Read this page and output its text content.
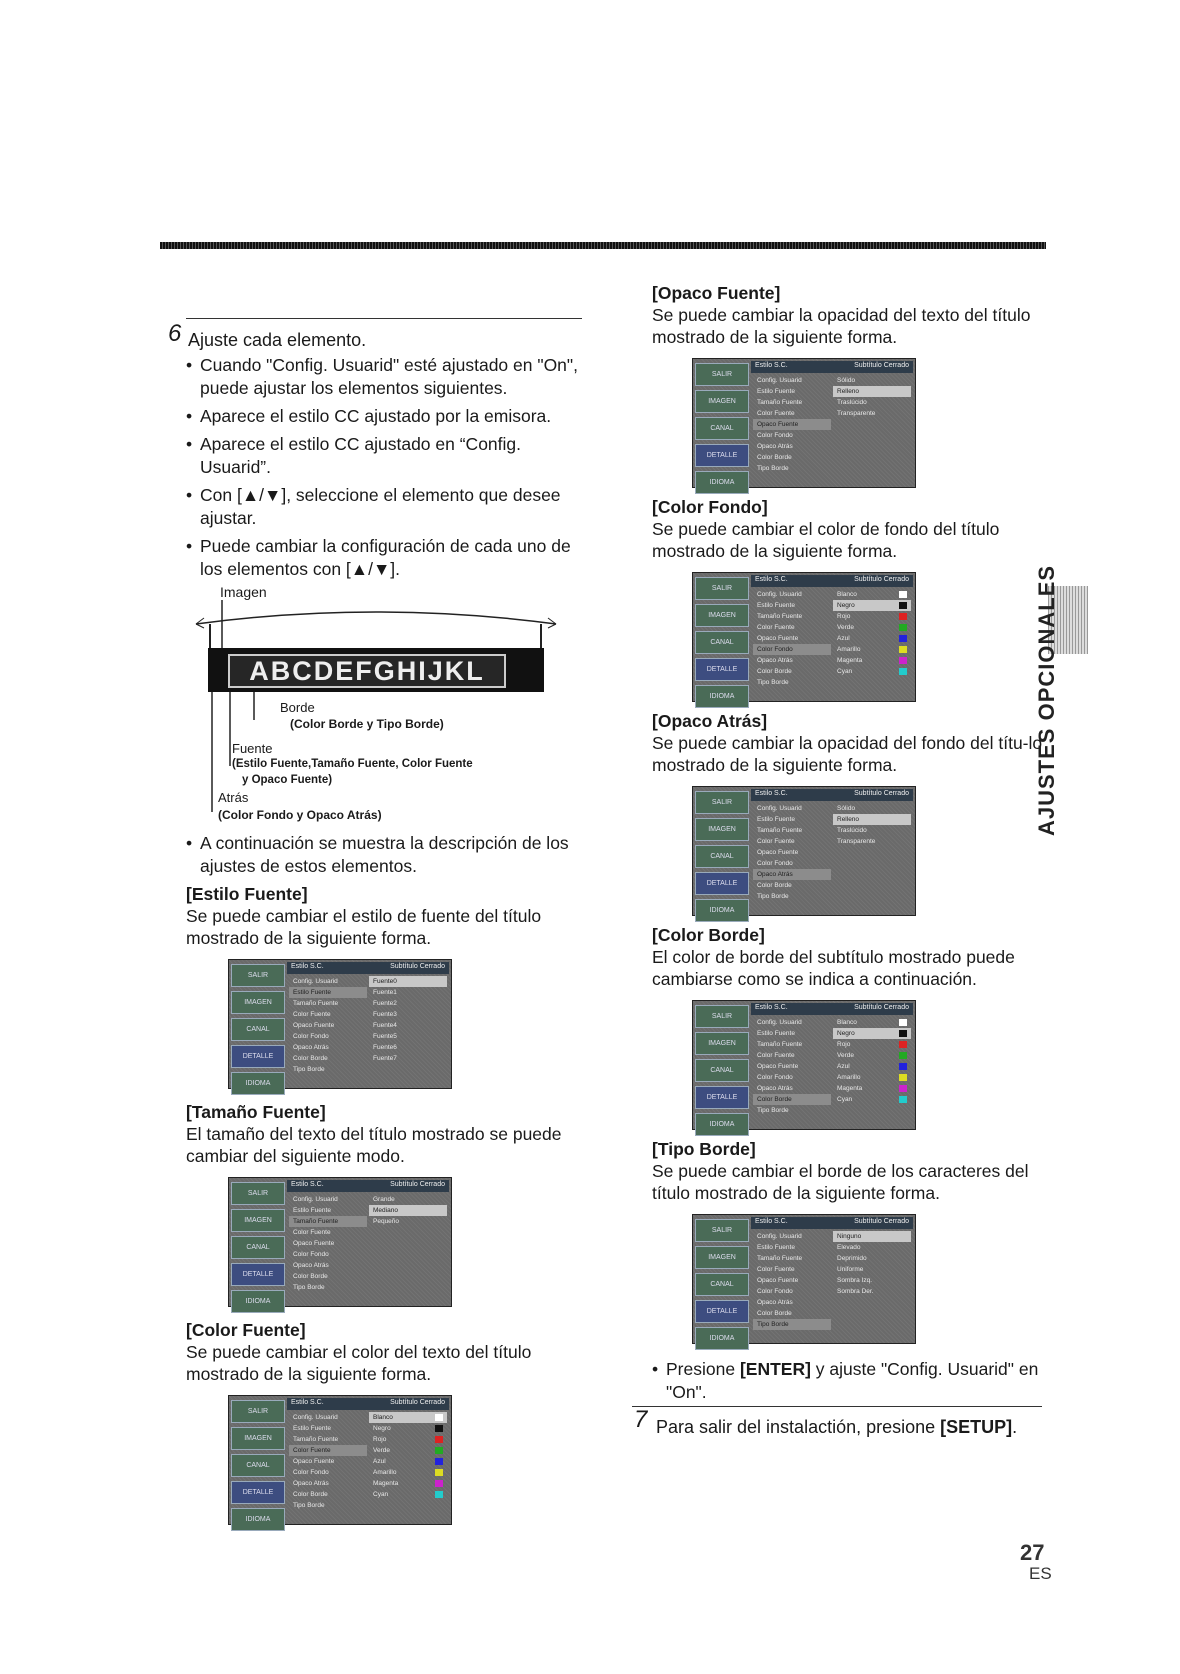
6 Ajuste cada elemento.
• Cuando "Config. Usuarid" esté ajustado en "On", puede ajustar los elementos siguientes.
• Aparece el estilo CC ajustado por la emisora.
• Aparece el estilo CC ajustado en “Config. Usuarid”.
• Con [▲/▼], seleccione el elemento que desee ajustar.
• Puede cambiar la configuración de cada uno de los elementos con [▲/▼].
Imagen
ABCDEFGHIJKL
Borde
(Color Borde y Tipo Borde)
Fuente
(Estilo Fuente,Tamaño Fuente, Color Fuente
y Opaco Fuente)
Atrás
(Color Fondo y Opaco Atrás)
• A continuación se muestra la descripción de los ajustes de estos elementos.
[Estilo Fuente]
Se puede cambiar el estilo de fuente del título mostrado de la siguiente forma.
SALIR
IMAGEN
CANAL
DETALLE
IDIOMA
Estilo S.C.	Subtítulo Cerrado
Config. Usuarid
Estilo Fuente
Tamaño Fuente
Color Fuente
Opaco Fuente
Color Fondo
Opaco Atrás
Color Borde
Tipo Borde
Fuente0
Fuente1
Fuente2
Fuente3
Fuente4
Fuente5
Fuente6
Fuente7
[Tamaño Fuente]
El tamaño del texto del título mostrado se puede cambiar del siguiente modo.
SALIR
IMAGEN
CANAL
DETALLE
IDIOMA
Estilo S.C.	Subtítulo Cerrado
Config. Usuarid
Estilo Fuente
Tamaño Fuente
Color Fuente
Opaco Fuente
Color Fondo
Opaco Atrás
Color Borde
Tipo Borde
Grande
Mediano
Pequeño
[Color Fuente]
Se puede cambiar el color del texto del título mostrado de la siguiente forma.
SALIR
IMAGEN
CANAL
DETALLE
IDIOMA
Estilo S.C.	Subtítulo Cerrado
Config. Usuarid
Estilo Fuente
Tamaño Fuente
Color Fuente
Opaco Fuente
Color Fondo
Opaco Atrás
Color Borde
Tipo Borde
Blanco
Negro
Rojo
Verde
Azul
Amarillo
Magenta
Cyan
[Opaco Fuente]
Se puede cambiar la opacidad del texto del título mostrado de la siguiente forma.
SALIR
IMAGEN
CANAL
DETALLE
IDIOMA
Estilo S.C.	Subtítulo Cerrado
Config. Usuarid
Estilo Fuente
Tamaño Fuente
Color Fuente
Opaco Fuente
Color Fondo
Opaco Atrás
Color Borde
Tipo Borde
Sólido
Relleno
Traslúcido
Transparente
[Color Fondo]
Se puede cambiar el color de fondo del título mostrado de la siguiente forma.
SALIR
IMAGEN
CANAL
DETALLE
IDIOMA
Estilo S.C.	Subtítulo Cerrado
Config. Usuarid
Estilo Fuente
Tamaño Fuente
Color Fuente
Opaco Fuente
Color Fondo
Opaco Atrás
Color Borde
Tipo Borde
Blanco
Negro
Rojo
Verde
Azul
Amarillo
Magenta
Cyan
[Opaco Atrás]
Se puede cambiar la opacidad del fondo del títu-lo mostrado de la siguiente forma.
SALIR
IMAGEN
CANAL
DETALLE
IDIOMA
Estilo S.C.	Subtítulo Cerrado
Config. Usuarid
Estilo Fuente
Tamaño Fuente
Color Fuente
Opaco Fuente
Color Fondo
Opaco Atrás
Color Borde
Tipo Borde
Sólido
Relleno
Traslúcido
Transparente
[Color Borde]
El color de borde del subtítulo mostrado puede cambiarse como se indica a continuación.
SALIR
IMAGEN
CANAL
DETALLE
IDIOMA
Estilo S.C.	Subtítulo Cerrado
Config. Usuarid
Estilo Fuente
Tamaño Fuente
Color Fuente
Opaco Fuente
Color Fondo
Opaco Atrás
Color Borde
Tipo Borde
Blanco
Negro
Rojo
Verde
Azul
Amarillo
Magenta
Cyan
[Tipo Borde]
Se puede cambiar el borde de los caracteres del título mostrado de la siguiente forma.
SALIR
IMAGEN
CANAL
DETALLE
IDIOMA
Estilo S.C.	Subtítulo Cerrado
Config. Usuarid
Estilo Fuente
Tamaño Fuente
Color Fuente
Opaco Fuente
Color Fondo
Opaco Atrás
Color Borde
Tipo Borde
Ninguno
Elevado
Deprimido
Uniforme
Sombra Izq.
Sombra Der.
• Presione [ENTER] y ajuste "Config. Usuarid" en "On".
7 Para salir del instalactión, presione [SETUP].
AJUSTES OPCIONALES
27
ES
